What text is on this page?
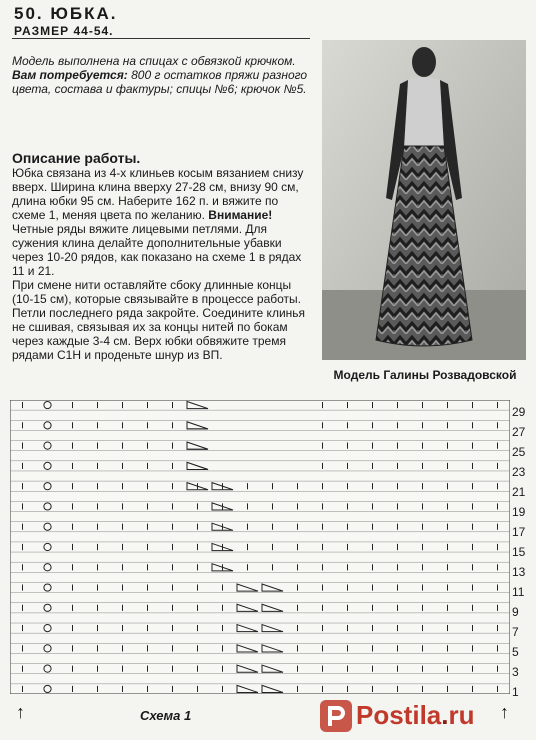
50. ЮБКА.
РАЗМЕР 44-54.
Модель выполнена на спицах с обвязкой крючком.
Вам потребуется: 800 г остатков пряжи разного цвета, состава и фактуры; спицы №6; крючок №5.
Описание работы.

Юбка связана из 4-х клиньев косым вязанием снизу вверх. Ширина клина вверху 27-28 см, внизу 90 см, длина юбки 95 см. Наберите 162 п. и вяжите по схеме 1, меняя цвета по желанию. Внимание! Четные ряды вяжите лицевыми петлями. Для сужения клина делайте дополнительные убавки через 10-20 рядов, как показано на схеме 1 в рядах 11 и 21.

При смене нити оставляйте сбоку длинные концы (10-15 см), которые связывайте в процессе работы. Петли последнего ряда закройте. Соедините клинья не сшивая, связывая их за концы нитей по бокам через каждые 3-4 см. Верх юбки обвяжите тремя рядами С1Н и проденьте шнур из ВП.

Модель Галины Розвадовской
29
27
25
23
21
19
17
15
13
11
9
7
5
3
1
↑	Схема 1	↑
Postila.ru
